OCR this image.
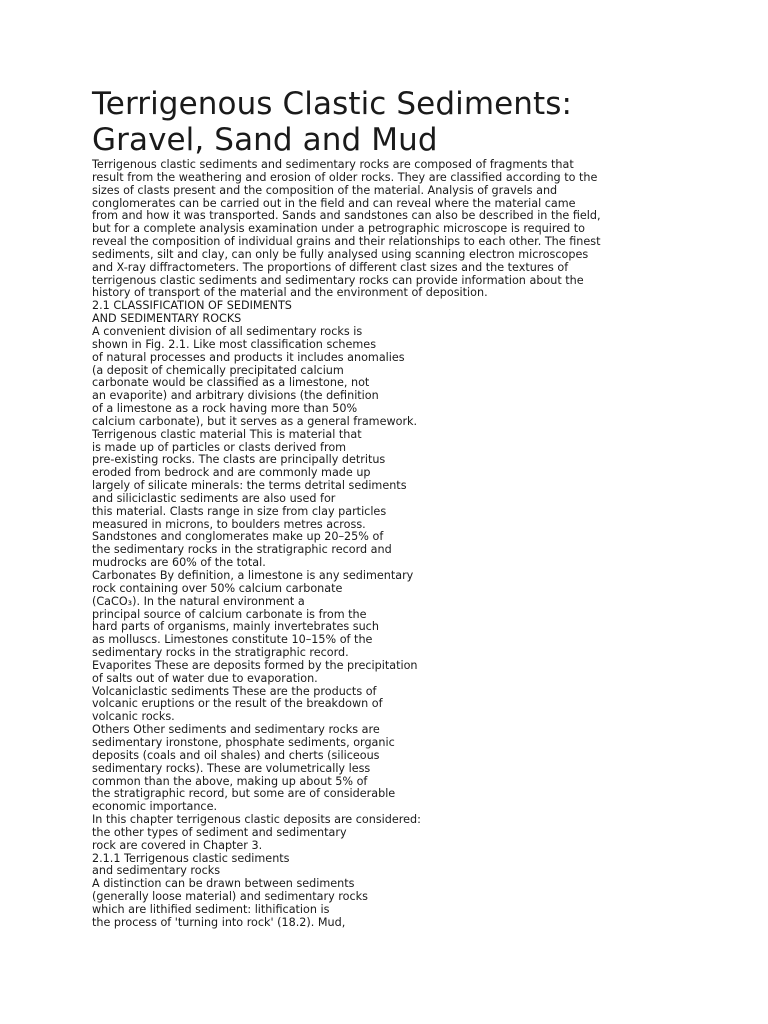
Terrigenous Clastic Sediments:
Gravel, Sand and Mud
Terrigenous clastic sediments and sedimentary rocks are composed of fragments that
result from the weathering and erosion of older rocks. They are classified according to the
sizes of clasts present and the composition of the material. Analysis of gravels and
conglomerates can be carried out in the field and can reveal where the material came
from and how it was transported. Sands and sandstones can also be described in the field,
but for a complete analysis examination under a petrographic microscope is required to
reveal the composition of individual grains and their relationships to each other. The finest
sediments, silt and clay, can only be fully analysed using scanning electron microscopes
and X-ray diffractometers. The proportions of different clast sizes and the textures of
terrigenous clastic sediments and sedimentary rocks can provide information about the
history of transport of the material and the environment of deposition.
2.1 CLASSIFICATION OF SEDIMENTS
AND SEDIMENTARY ROCKS
A convenient division of all sedimentary rocks is
shown in Fig. 2.1. Like most classification schemes
of natural processes and products it includes anomalies
(a deposit of chemically precipitated calcium
carbonate would be classified as a limestone, not
an evaporite) and arbitrary divisions (the definition
of a limestone as a rock having more than 50%
calcium carbonate), but it serves as a general framework.
Terrigenous clastic material This is material that
is made up of particles or clasts derived from
pre-existing rocks. The clasts are principally detritus
eroded from bedrock and are commonly made up
largely of silicate minerals: the terms detrital sediments
and siliciclastic sediments are also used for
this material. Clasts range in size from clay particles
measured in microns, to boulders metres across.
Sandstones and conglomerates make up 20–25% of
the sedimentary rocks in the stratigraphic record and
mudrocks are 60% of the total.
Carbonates By definition, a limestone is any sedimentary
rock containing over 50% calcium carbonate
(CaCO₃). In the natural environment a
principal source of calcium carbonate is from the
hard parts of organisms, mainly invertebrates such
as molluscs. Limestones constitute 10–15% of the
sedimentary rocks in the stratigraphic record.
Evaporites These are deposits formed by the precipitation
of salts out of water due to evaporation.
Volcaniclastic sediments These are the products of
volcanic eruptions or the result of the breakdown of
volcanic rocks.
Others Other sediments and sedimentary rocks are
sedimentary ironstone, phosphate sediments, organic
deposits (coals and oil shales) and cherts (siliceous
sedimentary rocks). These are volumetrically less
common than the above, making up about 5% of
the stratigraphic record, but some are of considerable
economic importance.
In this chapter terrigenous clastic deposits are considered:
the other types of sediment and sedimentary
rock are covered in Chapter 3.
2.1.1 Terrigenous clastic sediments
and sedimentary rocks
A distinction can be drawn between sediments
(generally loose material) and sedimentary rocks
which are lithified sediment: lithification is
the process of 'turning into rock' (18.2). Mud,
